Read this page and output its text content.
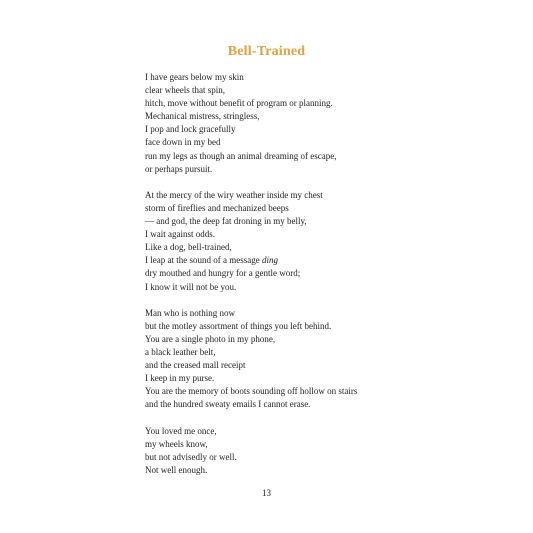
Bell-Trained
I have gears below my skin
clear wheels that spin,
hitch, move without benefit of program or planning.
Mechanical mistress, stringless,
I pop and lock gracefully
face down in my bed
run my legs as though an animal dreaming of escape,
or perhaps pursuit.
At the mercy of the wiry weather inside my chest
storm of fireflies and mechanized beeps
— and god, the deep fat droning in my belly,
I wait against odds.
Like a dog, bell-trained,
I leap at the sound of a message ding
dry mouthed and hungry for a gentle word;
I know it will not be you.
Man who is nothing now
but the motley assortment of things you left behind.
You are a single photo in my phone,
a black leather belt,
and the creased mall receipt
I keep in my purse.
You are the memory of boots sounding off hollow on stairs
and the hundred sweaty emails I cannot erase.
You loved me once,
my wheels know,
but not advisedly or well.
Not well enough.
13
